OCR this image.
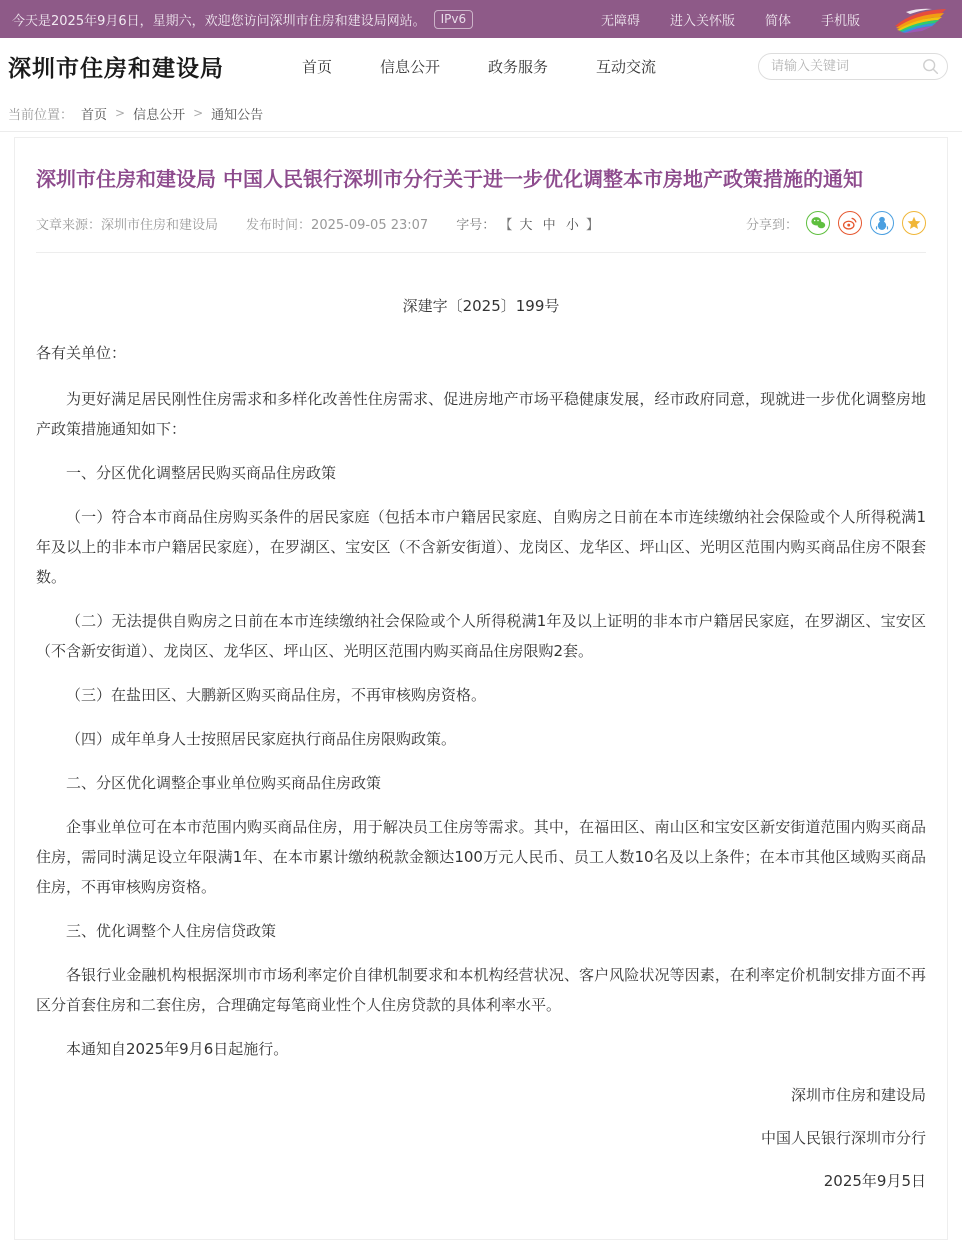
今天是2025年9月6日，星期六，欢迎您访问深圳市住房和建设局网站。	IPv6	无障碍 进入关怀版 简体 手机版
深圳市住房和建设局	首页	信息公开	政务服务	互动交流
请输入关键词
当前位置： 首页 > 信息公开 > 通知公告
深圳市住房和建设局 中国人民银行深圳市分行关于进一步优化调整本市房地产政策措施的通知
文章来源：深圳市住房和建设局 发布时间：2025-09-05 23:07 字号： 【 大 中 小 】	分享到：

深建字〔2025〕199号

各有关单位：

为更好满足居民刚性住房需求和多样化改善性住房需求、促进房地产市场平稳健康发展，经市政府同意，现就进一步优化调整房地产政策措施通知如下：

一、分区优化调整居民购买商品住房政策

（一）符合本市商品住房购买条件的居民家庭（包括本市户籍居民家庭、自购房之日前在本市连续缴纳社会保险或个人所得税满1年及以上的非本市户籍居民家庭），在罗湖区、宝安区（不含新安街道）、龙岗区、龙华区、坪山区、光明区范围内购买商品住房不限套数。

（二）无法提供自购房之日前在本市连续缴纳社会保险或个人所得税满1年及以上证明的非本市户籍居民家庭，在罗湖区、宝安区（不含新安街道）、龙岗区、龙华区、坪山区、光明区范围内购买商品住房限购2套。

（三）在盐田区、大鹏新区购买商品住房，不再审核购房资格。

（四）成年单身人士按照居民家庭执行商品住房限购政策。

二、分区优化调整企事业单位购买商品住房政策

企事业单位可在本市范围内购买商品住房，用于解决员工住房等需求。其中，在福田区、南山区和宝安区新安街道范围内购买商品住房，需同时满足设立年限满1年、在本市累计缴纳税款金额达100万元人民币、员工人数10名及以上条件；在本市其他区域购买商品住房，不再审核购房资格。

三、优化调整个人住房信贷政策

各银行业金融机构根据深圳市市场利率定价自律机制要求和本机构经营状况、客户风险状况等因素，在利率定价机制安排方面不再区分首套住房和二套住房，合理确定每笔商业性个人住房贷款的具体利率水平。

本通知自2025年9月6日起施行。

深圳市住房和建设局

中国人民银行深圳市分行

2025年9月5日
